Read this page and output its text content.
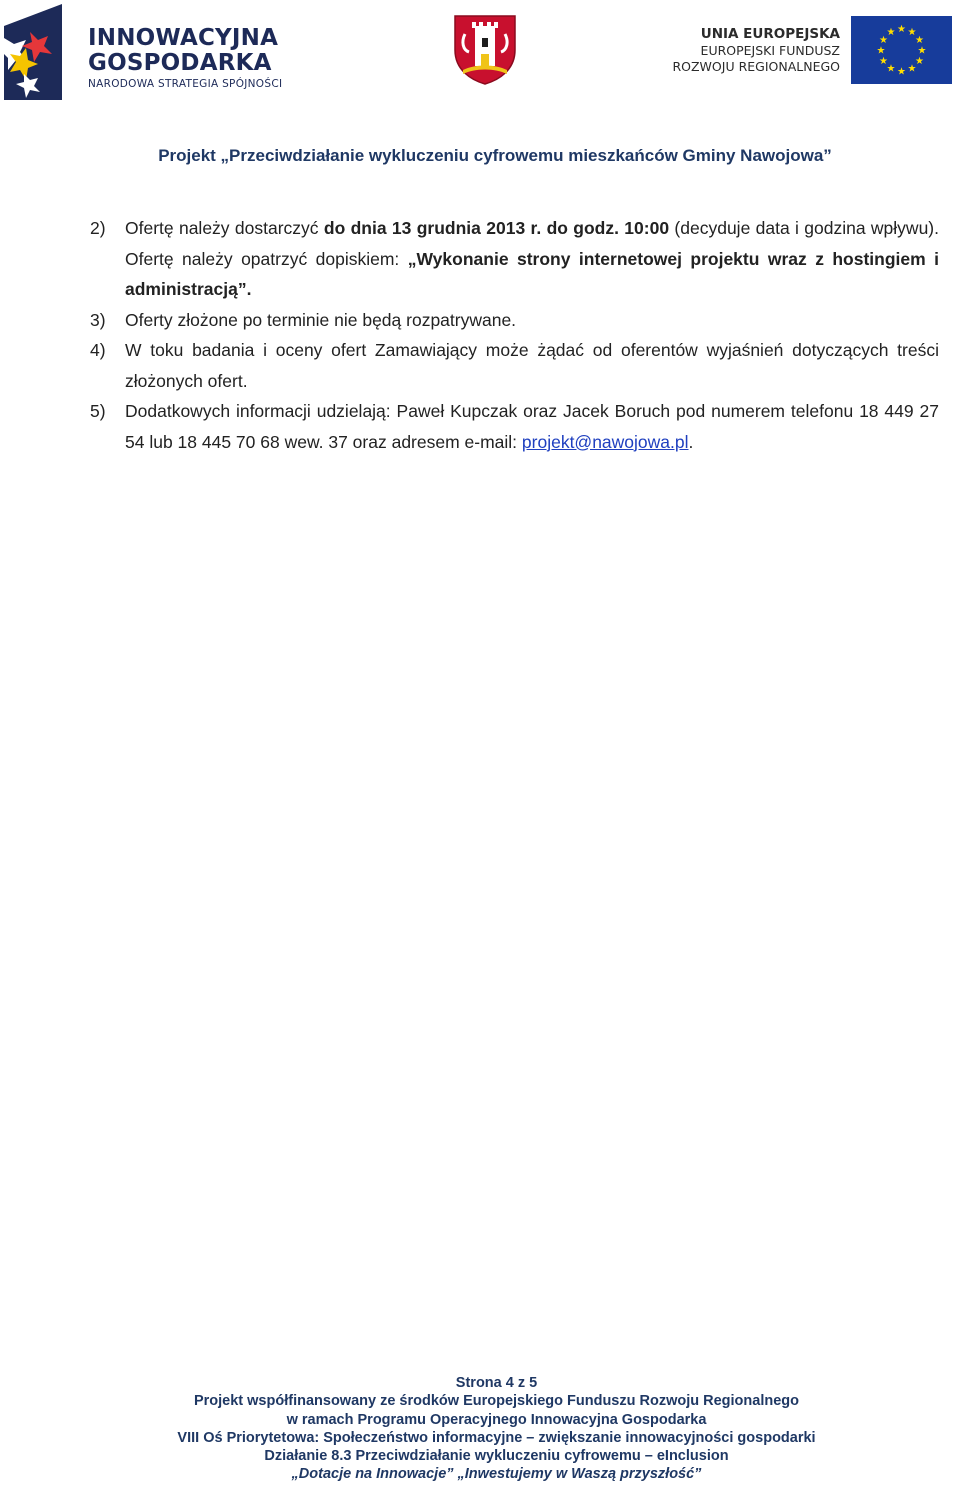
INNOWACYJNA
GOSPODARKA
NARODOWA STRATEGIA SPÓJNOŚCI
UNIA EUROPEJSKA
EUROPEJSKI FUNDUSZ
ROZWOJU REGIONALNEGO
★ ★
★
★
★
★
★
★
★
★
★
★
Projekt „Przeciwdziałanie wykluczeniu cyfrowemu mieszkańców Gminy Nawojowa”

2) Ofertę należy dostarczyć do dnia 13 grudnia 2013 r. do godz. 10:00 (decyduje data i godzina wpływu). Ofertę należy opatrzyć dopiskiem: „Wykonanie strony internetowej projektu wraz z hostingiem i administracją”.

3) Oferty złożone po terminie nie będą rozpatrywane.

4) W toku badania i oceny ofert Zamawiający może żądać od oferentów wyjaśnień dotyczących treści złożonych ofert.

5) Dodatkowych informacji udzielają: Paweł Kupczak oraz Jacek Boruch pod numerem telefonu 18 449 27 54 lub 18 445 70 68 wew. 37 oraz adresem e-mail: projekt@nawojowa.pl.

Strona 4 z 5
Projekt współfinansowany ze środków Europejskiego Funduszu Rozwoju Regionalnego
w ramach Programu Operacyjnego Innowacyjna Gospodarka
VIII Oś Priorytetowa: Społeczeństwo informacyjne – zwiększanie innowacyjności gospodarki
Działanie 8.3 Przeciwdziałanie wykluczeniu cyfrowemu – eInclusion
„Dotacje na Innowacje” „Inwestujemy w Waszą przyszłość”
